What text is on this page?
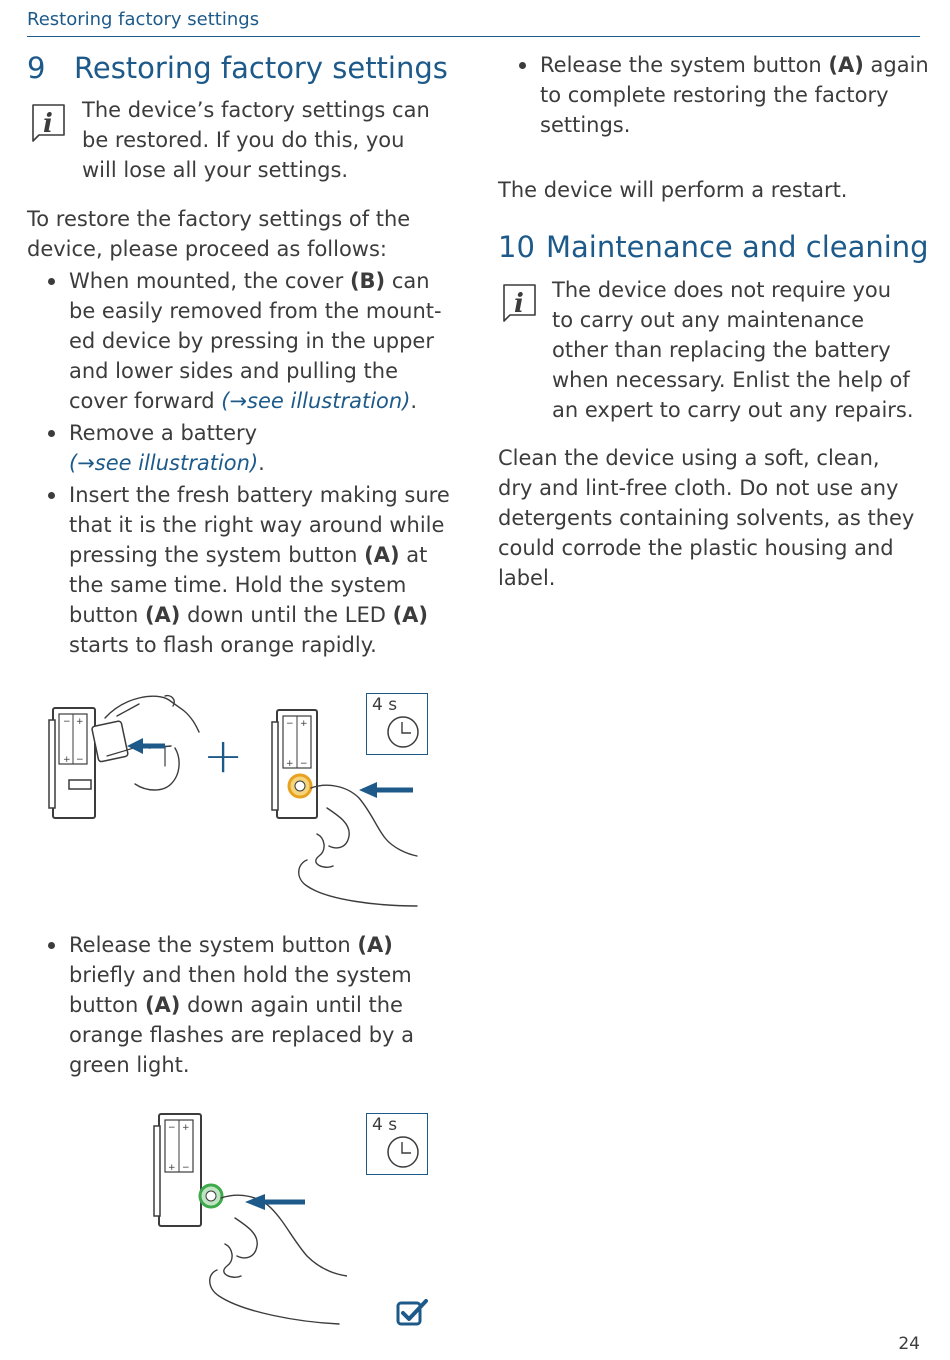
Restoring factory settings
9 Restoring factory settings
i The device’s factory settings can
be restored. If you do this, you
will lose all your settings.
To restore the factory settings of the
device, please proceed as follows:
When mounted, the cover (B) can
be easily removed from the mount-
ed device by pressing in the upper
and lower sides and pulling the
cover forward (→see illustration).
Remove a battery
(→see illustration).
Insert the fresh battery making sure
that it is the right way around while
pressing the system button (A) at
the same time. Hold the system
button (A) down until the LED (A)
starts to flash orange rapidly.
− +
+ − +
− +
+ −
4 s
Release the system button (A)
briefly and then hold the system
button (A) down again until the
orange flashes are replaced by a
green light.
− +
+ −
4 s
Release the system button (A) again
to complete restoring the factory
settings.
The device will perform a restart.
10 Maintenance and cleaning
i The device does not require you
to carry out any maintenance
other than replacing the battery
when necessary. Enlist the help of
an expert to carry out any repairs.
Clean the device using a soft, clean,
dry and lint-free cloth. Do not use any
detergents containing solvents, as they
could corrode the plastic housing and
label.
24
